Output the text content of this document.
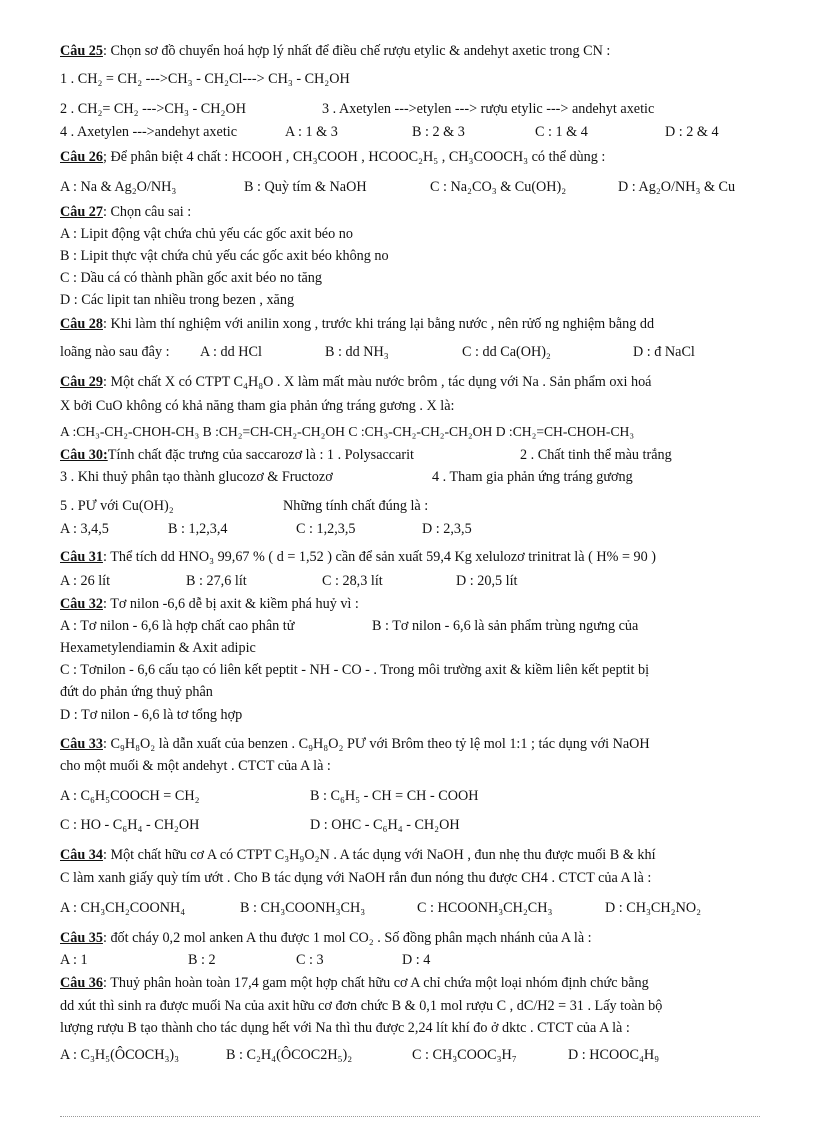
Câu 25: Chọn sơ đồ chuyển hoá hợp lý nhất để điều chế rượu etylic & andehyt axetic trong CN :
1 . CH₂ = CH₂ --->CH₃ - CH₂Cl---> CH₃ - CH₂OH
2 . CH₂= CH₂ --->CH₃ - CH₂OH	3 . Axetylen --->etylen ---> rượu etylic ---> andehyt axetic
4 . Axetylen --->andehyt axetic	A : 1 & 3	B : 2 & 3	C : 1 & 4	D : 2 & 4
Câu 26; Để phân biệt 4 chất : HCOOH , CH₃COOH , HCOOC₂H₅ , CH₃COOCH₃ có thể dùng :
A : Na & Ag₂O/NH₃	B : Quỳ tím & NaOH	C : Na₂CO₃ & Cu(OH)₂	D : Ag₂O/NH₃ & Cu
Câu 27: Chọn câu sai :
A : Lipit động vật chứa chủ yếu các gốc axit béo no
B : Lipit thực vật chứa chủ yếu các gốc axit béo không no
C : Dầu cá có thành phần gốc axit béo no tăng
D : Các lipit tan nhiều trong bezen , xăng
Câu 28: Khi làm thí nghiệm với anilin xong , trước khi tráng lại bằng nước , nên rửố ng nghiệm bằng dd
loãng nào sau đây : A : dd HCl	B : dd NH₃	C : dd Ca(OH)₂	D : đ NaCl
Câu 29: Một chất X có CTPT C₄H₈O . X làm mất màu nước brôm , tác dụng với Na . Sản phẩm oxi hoá
X bởi CuO không có khả năng tham gia phản ứng tráng gương . X là:
A :CH₃-CH₂-CHOH-CH₃ B :CH₂=CH-CH₂-CH₂OH C :CH₃-CH₂-CH₂-CH₂OH D :CH₂=CH-CHOH-CH₃
Câu 30:Tính chất đặc trưng của saccarozơ là : 1 . Polysaccarit	2 . Chất tinh thể màu trắng
3 . Khi thuỷ phân tạo thành glucozơ & Fructozơ	4 . Tham gia phản ứng tráng gương
5 . PƯ với Cu(OH)₂	Những tính chất đúng là :
A : 3,4,5	B : 1,2,3,4	C : 1,2,3,5	D : 2,3,5
Câu 31: Thể tích dd HNO₃ 99,67 % ( d = 1,52 ) cần để sản xuất 59,4 Kg xelulozơ trinitrat là ( H% = 90 )
A : 26 lít	B : 27,6 lít	C : 28,3 lít	D : 20,5 lít
Câu 32: Tơ nilon -6,6 dễ bị axit & kiềm phá huỷ vì :
A : Tơ nilon - 6,6 là hợp chất cao phân tử	B : Tơ nilon - 6,6 là sản phẩm trùng ngưng của
Hexametylendiamin & Axit adipic
C : Tơnilon - 6,6 cấu tạo có liên kết peptit - NH - CO - . Trong môi trường axit & kiềm liên kết peptit bị
đứt do phản ứng thuỷ phân
D : Tơ nilon - 6,6 là tơ tổng hợp
Câu 33: C₉H₈O₂ là dẫn xuất của benzen . C₉H₈O₂ PƯ với Brôm theo tỷ lệ mol 1:1 ; tác dụng với NaOH
cho một muối & một andehyt . CTCT của A là :
A : C₆H₅COOCH = CH₂	B : C₆H₅ - CH = CH - COOH
C : HO - C₆H₄ - CH₂OH	D : OHC - C₆H₄ - CH₂OH
Câu 34: Một chất hữu cơ A có CTPT C₃H₉O₂N . A tác dụng với NaOH , đun nhẹ thu được muối B & khí
C làm xanh giấy quỳ tím ướt . Cho B tác dụng với NaOH rắn đun nóng thu được CH4 . CTCT của A là :
A : CH₃CH₂COONH₄	B : CH₃COONH₃CH₃	C : HCOONH₃CH₂CH₃	D : CH₃CH₂NO₂
Câu 35: đốt cháy 0,2 mol anken A thu được 1 mol CO₂ . Số đồng phân mạch nhánh của A là :
A : 1	B : 2	C : 3	D : 4
Câu 36: Thuỷ phân hoàn toàn 17,4 gam một hợp chất hữu cơ A chỉ chứa một loại nhóm định chức bằng
dd xút thì sinh ra được muối Na của axit hữu cơ đơn chức B & 0,1 mol rượu C , dC/H2 = 31 . Lấy toàn bộ
lượng rượu B tạo thành cho tác dụng hết với Na thì thu được 2,24 lít khí đo ở dktc . CTCT của A là :
A : C₃H₅(ÔCOCH₃)₃	B : C₂H₄(ÔCOC2H₅)₂	C : CH₃COOC₃H₇	D : HCOOC₄H₉
